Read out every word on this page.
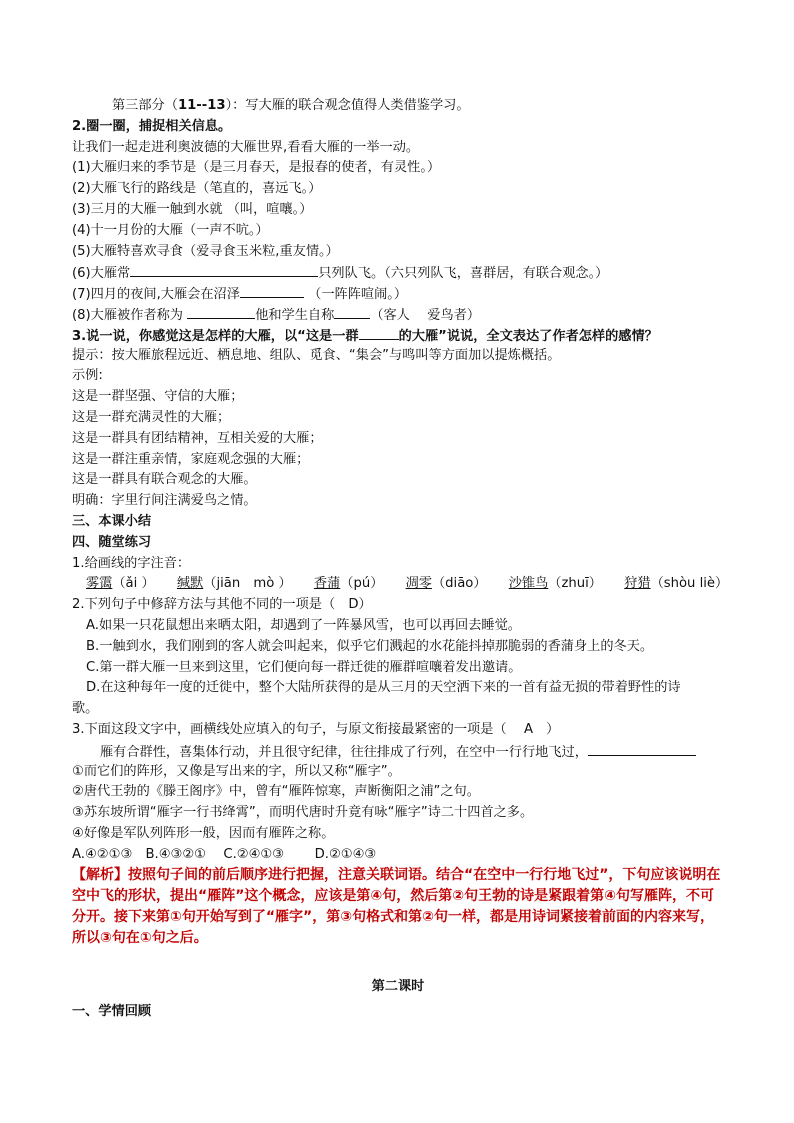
第三部分（11--13）：写大雁的联合观念值得人类借鉴学习。
2.圈一圈，捕捉相关信息。
让我们一起走进利奥波德的大雁世界,看看大雁的一举一动。
(1)大雁归来的季节是（是三月春天，是报春的使者，有灵性。）
(2)大雁飞行的路线是（笔直的，喜远飞。）
(3)三月的大雁一触到水就 （叫，喧嚷。）
(4)十一月份的大雁（一声不吭。）
(5)大雁特喜欢寻食（爱寻食玉米粒,重友情。）
(6)大雁常	只列队飞。（六只列队飞，喜群居，有联合观念。）
(7)四月的夜间,大雁会在沼泽	（一阵阵喧闹。）
(8)大雁被作者称为	他和学生自称	（客人 　爱鸟者）
3.说一说，你感觉这是怎样的大雁，以“这是一群	的大雁”说说，全文表达了作者怎样的感情？
提示：按大雁旅程远近、栖息地、组队、觅食、“集会”与鸣叫等方面加以提炼概括。
示例:
这是一群坚强、守信的大雁；
这是一群充满灵性的大雁；
这是一群具有团结精神，互相关爱的大雁；
这是一群注重亲情，家庭观念强的大雁；
这是一群具有联合观念的大雁。
明确：字里行间注满爱鸟之情。
三、本课小结
四、随堂练习
1.给画线的字注音：
雾霭（ǎi ） 缄默（jiān　mò ） 香蒲（pú） 凋零（diāo） 沙锥鸟（zhuī） 狩猎（shòu liè）
2.下列句子中修辞方法与其他不同的一项是（　D）
A.如果一只花鼠想出来晒太阳，却遇到了一阵暴风雪，也可以再回去睡觉。
B.一触到水，我们刚到的客人就会叫起来，似乎它们溅起的水花能抖掉那脆弱的香蒲身上的冬天。
C.第一群大雁一旦来到这里，它们便向每一群迁徙的雁群喧嚷着发出邀请。
D.在这种每年一度的迁徙中，整个大陆所获得的是从三月的天空洒下来的一首有益无损的带着野性的诗
歌。
3.下面这段文字中，画横线处应填入的句子，与原文衔接最紧密的一项是（　 A　）
雁有合群性，喜集体行动，并且很守纪律，往往排成了行列，在空中一行行地飞过，
①而它们的阵形，又像是写出来的字，所以又称“雁字”。
②唐代王勃的《滕王阁序》中，曾有“雁阵惊寒，声断衡阳之浦”之句。
③苏东坡所谓“雁字一行书绛霄”，而明代唐时升竟有咏“雁字”诗二十四首之多。
④好像是军队列阵形一般，因而有雁阵之称。
A.④②①③　B.④③②①　 C.②④①③ 　　D.②①④③
【解析】按照句子间的前后顺序进行把握，注意关联词语。结合“在空中一行行地飞过”，下句应该说明在空中飞的形状，提出“雁阵”这个概念，应该是第④句，然后第②句王勃的诗是紧跟着第④句写雁阵，不可分开。接下来第①句开始写到了“雁字”，第③句格式和第②句一样，都是用诗词紧接着前面的内容来写，所以③句在①句之后。
第二课时
一、学情回顾
